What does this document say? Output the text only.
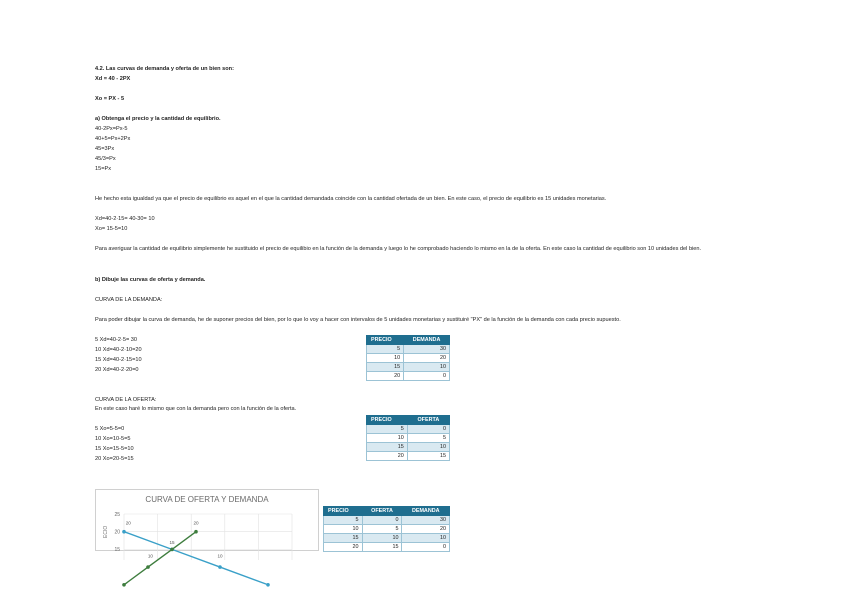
4.2. Las curvas de demanda y oferta de un bien son:
Xd = 40 - 2PX
Xo = PX - 5
a) Obtenga el precio y la cantidad de equilibrio.
40-2Px=Px-5
40+5=Px+2Px
45=3Px
45/3=Px
15=Px
He hecho esta igualdad ya que el precio de equilibrio es aquel en el que la cantidad demandada coincide con la cantidad ofertada de un bien. En este caso, el precio de equilibrio es 15 unidades monetarias.
Xd=40-2·15= 40-30= 10
Xo= 15-5=10
Para averiguar la cantidad de equilibrio simplemente he sustituido el precio de equilibio en la función de la demanda y luego lo he comprobado haciendo lo mismo en la de la oferta. En este caso la cantidad de equilibrio son 10 unidades del bien.
b) Dibuje las curvas de oferta y demanda.
CURVA DE LA DEMANDA:
Para poder dibujar la curva de demanda, he de suponer precios del bien, por lo que lo voy a hacer con intervalos de 5 unidades monetarias y sustituiré "PX" de la función de la demanda con cada precio supuesto.
5 Xd=40-2·5= 30
10 Xd=40-2·10=20
15 Xd=40-2·15=10
20 Xd=40-2·20=0
CURVA DE LA OFERTA:
En este caso haré lo mismo que con la demanda pero con la función de la oferta.
5 Xo=5-5=0
10 Xo=10-5=5
15 Xo=15-5=10
20 Xo=20-5=15
PRECIO	DEMANDA
5	30
10	20
15	10
20	0
PRECIO	OFERTA
5	0
10	5
15	10
20	15
PRECIO	OFERTA	DEMANDA
5	0	30
10	5	20
15	10	10
20	15	0
CURVA DE OFERTA Y DEMANDA
ECIO
25
20
15
20	20
15
10	10
